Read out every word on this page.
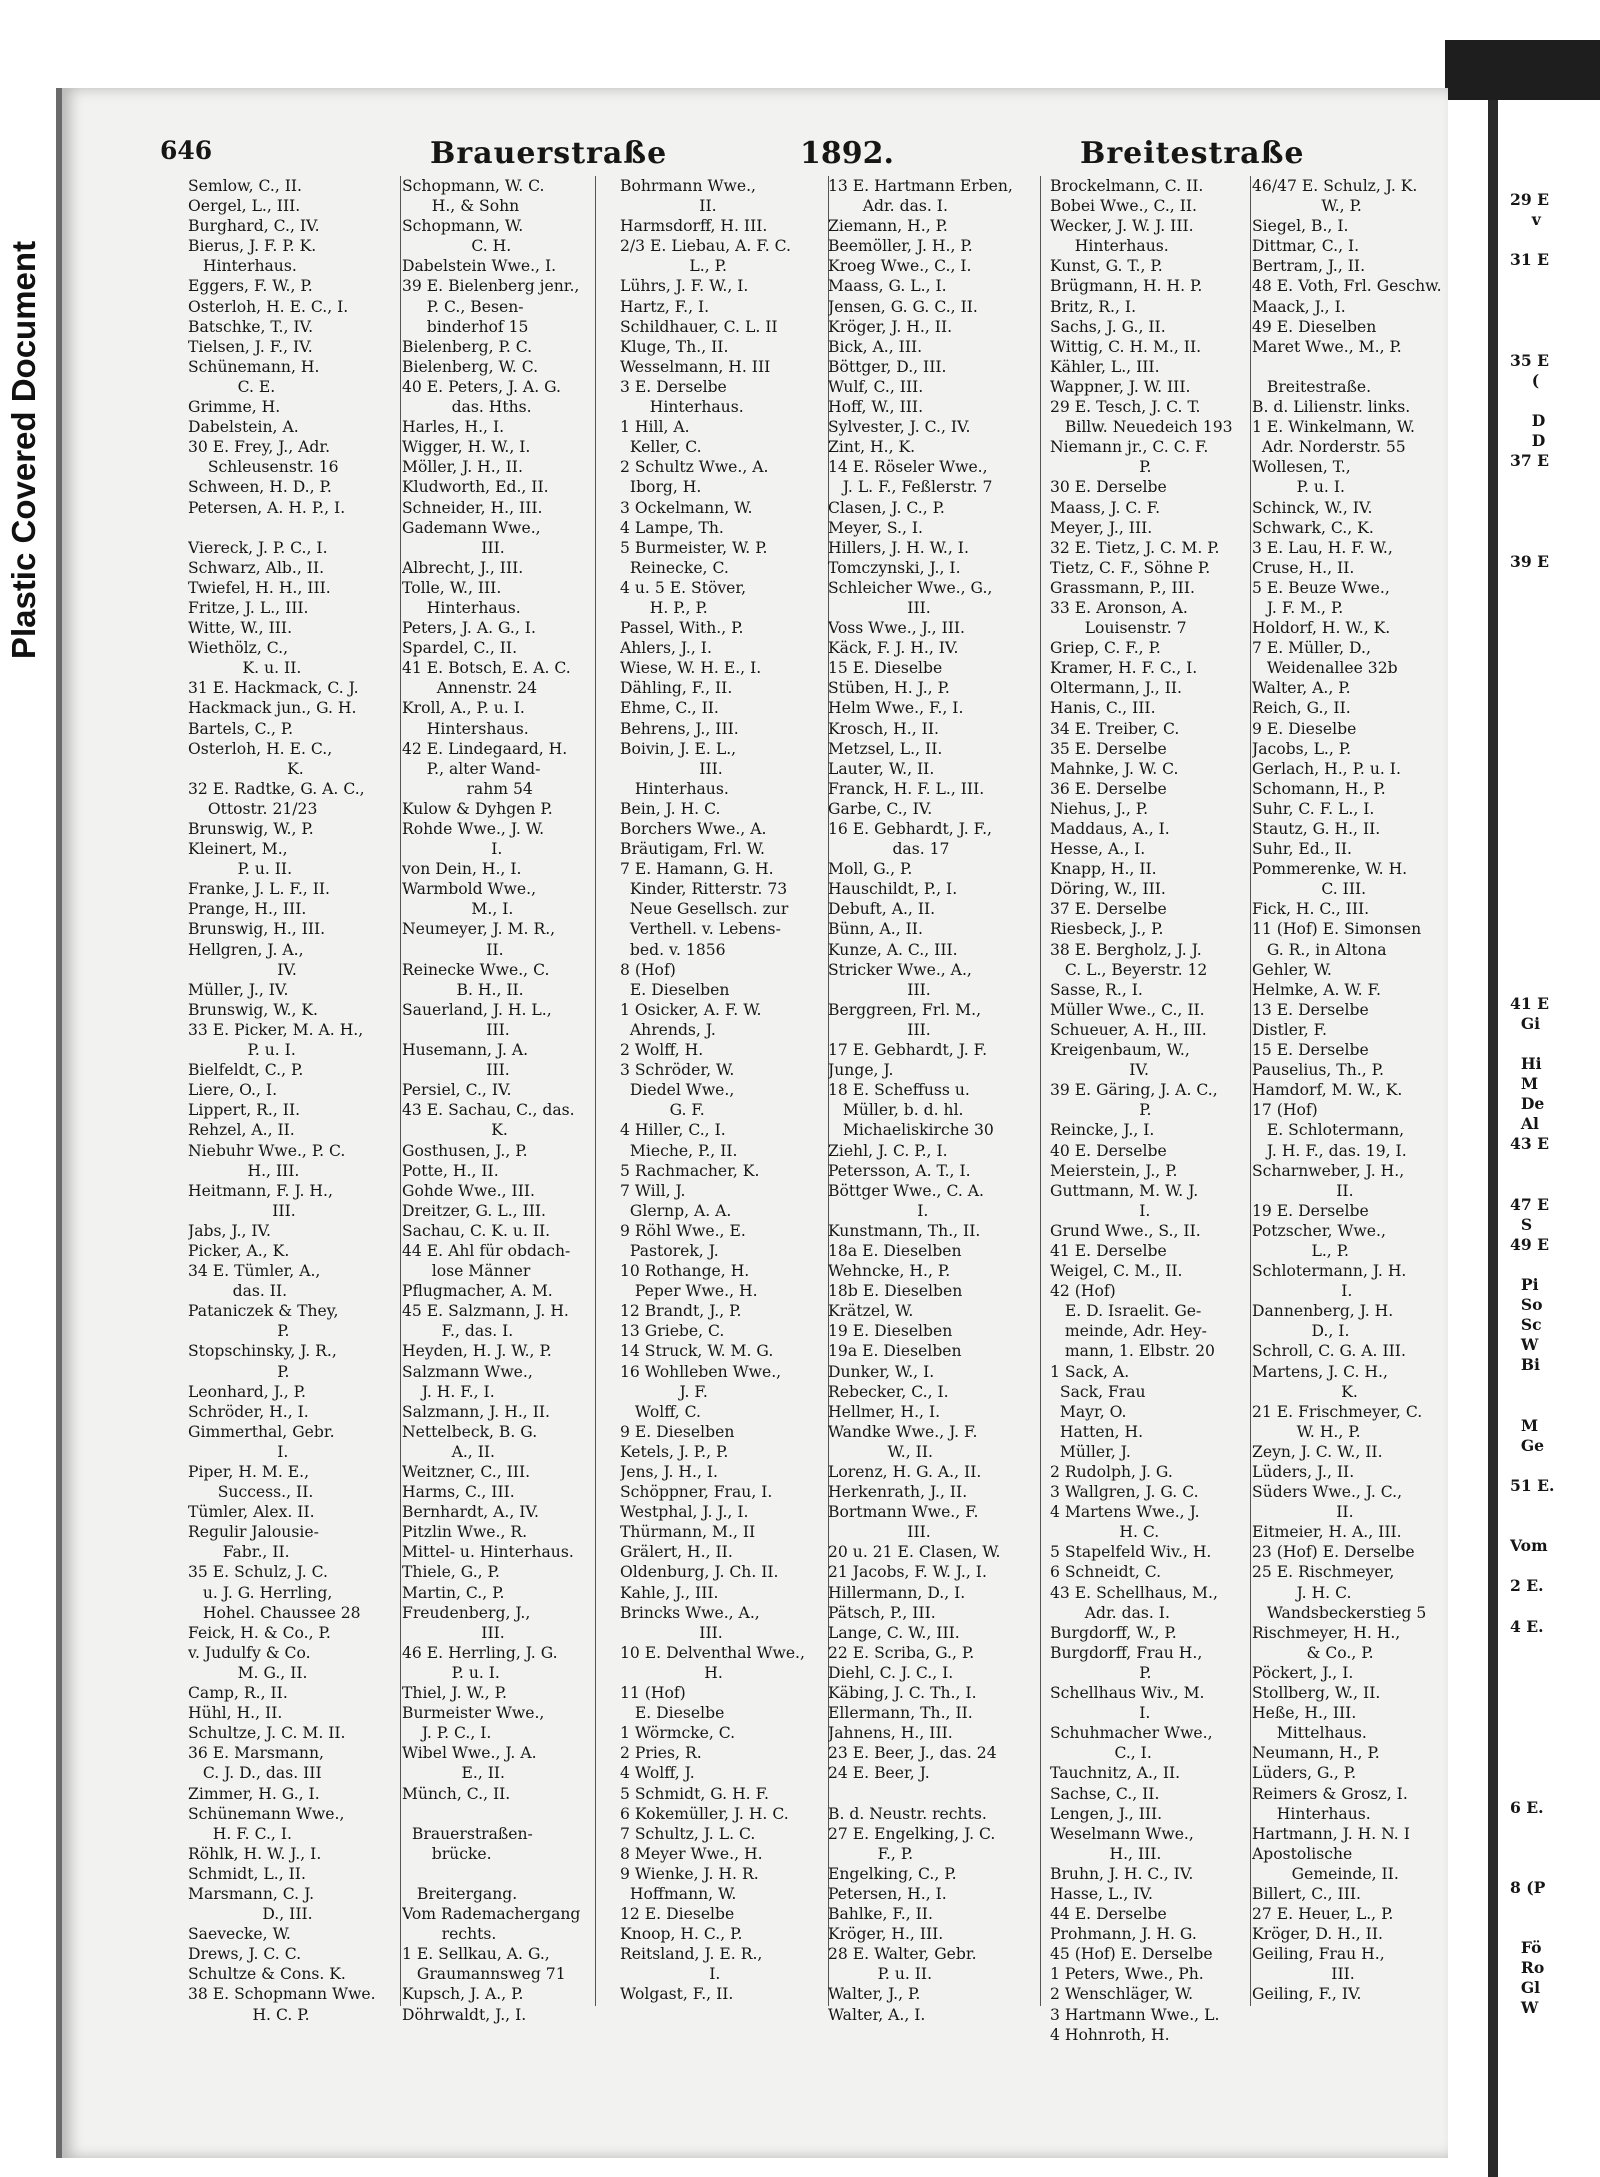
Plastic Covered Document
646	Brauerstraße	1892.	Breitestraße
Semlow, C., II.
Oergel, L., III.
Burghard, C., IV.
Bierus, J. F. P. K.
Hinterhaus.
Eggers, F. W., P.
Osterloh, H. E. C., I.
Batschke, T., IV.
Tielsen, J. F., IV.
Schünemann, H.
C. E.
Grimme, H.
Dabelstein, A.
30 E. Frey, J., Adr.
Schleusenstr. 16
Schween, H. D., P.
Petersen, A. H. P., I.
Viereck, J. P. C., I.
Schwarz, Alb., II.
Twiefel, H. H., III.
Fritze, J. L., III.
Witte, W., III.
Wiethölz, C.,
K. u. II.
31 E. Hackmack, C. J.
Hackmack jun., G. H.
Bartels, C., P.
Osterloh, H. E. C.,
K.
32 E. Radtke, G. A. C.,
Ottostr. 21/23
Brunswig, W., P.
Kleinert, M.,
P. u. II.
Franke, J. L. F., II.
Prange, H., III.
Brunswig, H., III.
Hellgren, J. A.,
IV.
Müller, J., IV.
Brunswig, W., K.
33 E. Picker, M. A. H.,
P. u. I.
Bielfeldt, C., P.
Liere, O., I.
Lippert, R., II.
Rehzel, A., II.
Niebuhr Wwe., P. C.
H., III.
Heitmann, F. J. H.,
III.
Jabs, J., IV.
Picker, A., K.
34 E. Tümler, A.,
das. II.
Pataniczek & They,
P.
Stopschinsky, J. R.,
P.
Leonhard, J., P.
Schröder, H., I.
Gimmerthal, Gebr.
I.
Piper, H. M. E.,
Success., II.
Tümler, Alex. II.
Regulir Jalousie-
Fabr., II.
35 E. Schulz, J. C.
u. J. G. Herrling,
Hohel. Chaussee 28
Feick, H. & Co., P.
v. Judulfy & Co.
M. G., II.
Camp, R., II.
Hühl, H., II.
Schultze, J. C. M. II.
36 E. Marsmann,
C. J. D., das. III
Zimmer, H. G., I.
Schünemann Wwe.,
H. F. C., I.
Röhlk, H. W. J., I.
Schmidt, L., II.
Marsmann, C. J.
D., III.
Saevecke, W.
Drews, J. C. C.
Schultze & Cons. K.
38 E. Schopmann Wwe.
H. C. P.
Schopmann, W. C.
H., & Sohn
Schopmann, W.
C. H.
Dabelstein Wwe., I.
39 E. Bielenberg jenr.,
P. C., Besen-
binderhof 15
Bielenberg, P. C.
Bielenberg, W. C.
40 E. Peters, J. A. G.
das. Hths.
Harles, H., I.
Wigger, H. W., I.
Möller, J. H., II.
Kludworth, Ed., II.
Schneider, H., III.
Gademann Wwe.,
III.
Albrecht, J., III.
Tolle, W., III.
Hinterhaus.
Peters, J. A. G., I.
Spardel, C., II.
41 E. Botsch, E. A. C.
Annenstr. 24
Kroll, A., P. u. I.
Hintershaus.
42 E. Lindegaard, H.
P., alter Wand-
rahm 54
Kulow & Dyhgen P.
Rohde Wwe., J. W.
I.
von Dein, H., I.
Warmbold Wwe.,
M., I.
Neumeyer, J. M. R.,
II.
Reinecke Wwe., C.
B. H., II.
Sauerland, J. H. L.,
III.
Husemann, J. A.
III.
Persiel, C., IV.
43 E. Sachau, C., das.
K.
Gosthusen, J., P.
Potte, H., II.
Gohde Wwe., III.
Dreitzer, G. L., III.
Sachau, C. K. u. II.
44 E. Ahl für obdach-
lose Männer
Pflugmacher, A. M.
45 E. Salzmann, J. H.
F., das. I.
Heyden, H. J. W., P.
Salzmann Wwe.,
J. H. F., I.
Salzmann, J. H., II.
Nettelbeck, B. G.
A., II.
Weitzner, C., III.
Harms, C., III.
Bernhardt, A., IV.
Pitzlin Wwe., R.
Mittel- u. Hinterhaus.
Thiele, G., P.
Martin, C., P.
Freudenberg, J.,
III.
46 E. Herrling, J. G.
P. u. I.
Thiel, J. W., P.
Burmeister Wwe.,
J. P. C., I.
Wibel Wwe., J. A.
E., II.
Münch, C., II.
Brauerstraßen-
brücke.
Breitergang.
Vom Rademachergang
rechts.
1 E. Sellkau, A. G.,
Graumannsweg 71
Kupsch, J. A., P.
Döhrwaldt, J., I.
Bohrmann Wwe.,
II.
Harmsdorff, H. III.
2/3 E. Liebau, A. F. C.
L., P.
Lührs, J. F. W., I.
Hartz, F., I.
Schildhauer, C. L. II
Kluge, Th., II.
Wesselmann, H. III
3 E. Derselbe
Hinterhaus.
1 Hill, A.
Keller, C.
2 Schultz Wwe., A.
Iborg, H.
3 Ockelmann, W.
4 Lampe, Th.
5 Burmeister, W. P.
Reinecke, C.
4 u. 5 E. Stöver,
H. P., P.
Passel, With., P.
Ahlers, J., I.
Wiese, W. H. E., I.
Dähling, F., II.
Ehme, C., II.
Behrens, J., III.
Boivin, J. E. L.,
III.
Hinterhaus.
Bein, J. H. C.
Borchers Wwe., A.
Bräutigam, Frl. W.
7 E. Hamann, G. H.
Kinder, Ritterstr. 73
Neue Gesellsch. zur
Verthell. v. Lebens-
bed. v. 1856
8 (Hof)
E. Dieselben
1 Osicker, A. F. W.
Ahrends, J.
2 Wolff, H.
3 Schröder, W.
Diedel Wwe.,
G. F.
4 Hiller, C., I.
Mieche, P., II.
5 Rachmacher, K.
7 Will, J.
Glernp, A. A.
9 Röhl Wwe., E.
Pastorek, J.
10 Rothange, H.
Peper Wwe., H.
12 Brandt, J., P.
13 Griebe, C.
14 Struck, W. M. G.
16 Wohlleben Wwe.,
J. F.
Wolff, C.
9 E. Dieselben
Ketels, J. P., P.
Jens, J. H., I.
Schöppner, Frau, I.
Westphal, J. J., I.
Thürmann, M., II
Grälert, H., II.
Oldenburg, J. Ch. II.
Kahle, J., III.
Brincks Wwe., A.,
III.
10 E. Delventhal Wwe.,
H.
11 (Hof)
E. Dieselbe
1 Wörmcke, C.
2 Pries, R.
4 Wolff, J.
5 Schmidt, G. H. F.
6 Kokemüller, J. H. C.
7 Schultz, J. L. C.
8 Meyer Wwe., H.
9 Wienke, J. H. R.
Hoffmann, W.
12 E. Dieselbe
Knoop, H. C., P.
Reitsland, J. E. R.,
I.
Wolgast, F., II.
13 E. Hartmann Erben,
Adr. das. I.
Ziemann, H., P.
Beemöller, J. H., P.
Kroeg Wwe., C., I.
Maass, G. L., I.
Jensen, G. G. C., II.
Kröger, J. H., II.
Bick, A., III.
Böttger, D., III.
Wulf, C., III.
Hoff, W., III.
Sylvester, J. C., IV.
Zint, H., K.
14 E. Röseler Wwe.,
J. L. F., Feßlerstr. 7
Clasen, J. C., P.
Meyer, S., I.
Hillers, J. H. W., I.
Tomczynski, J., I.
Schleicher Wwe., G.,
III.
Voss Wwe., J., III.
Käck, F. J. H., IV.
15 E. Dieselbe
Stüben, H. J., P.
Helm Wwe., F., I.
Krosch, H., II.
Metzsel, L., II.
Lauter, W., II.
Franck, H. F. L., III.
Garbe, C., IV.
16 E. Gebhardt, J. F.,
das. 17
Moll, G., P.
Hauschildt, P., I.
Debuft, A., II.
Bünn, A., II.
Kunze, A. C., III.
Stricker Wwe., A.,
III.
Berggreen, Frl. M.,
III.
17 E. Gebhardt, J. F.
Junge, J.
18 E. Scheffuss u.
Müller, b. d. hl.
Michaeliskirche 30
Ziehl, J. C. P., I.
Petersson, A. T., I.
Böttger Wwe., C. A.
I.
Kunstmann, Th., II.
18a E. Dieselben
Wehncke, H., P.
18b E. Dieselben
Krätzel, W.
19 E. Dieselben
19a E. Dieselben
Dunker, W., I.
Rebecker, C., I.
Hellmer, H., I.
Wandke Wwe., J. F.
W., II.
Lorenz, H. G. A., II.
Herkenrath, J., II.
Bortmann Wwe., F.
III.
20 u. 21 E. Clasen, W.
21 Jacobs, F. W. J., I.
Hillermann, D., I.
Pätsch, P., III.
Lange, C. W., III.
22 E. Scriba, G., P.
Diehl, C. J. C., I.
Käbing, J. C. Th., I.
Ellermann, Th., II.
Jahnens, H., III.
23 E. Beer, J., das. 24
24 E. Beer, J.
B. d. Neustr. rechts.
27 E. Engelking, J. C.
F., P.
Engelking, C., P.
Petersen, H., I.
Bahlke, F., II.
Kröger, H., III.
28 E. Walter, Gebr.
P. u. II.
Walter, J., P.
Walter, A., I.
Brockelmann, C. II.
Bobei Wwe., C., II.
Wecker, J. W. J. III.
Hinterhaus.
Kunst, G. T., P.
Brügmann, H. H. P.
Britz, R., I.
Sachs, J. G., II.
Wittig, C. H. M., II.
Kähler, L., III.
Wappner, J. W. III.
29 E. Tesch, J. C. T.
Billw. Neuedeich 193
Niemann jr., C. C. F.
P.
30 E. Derselbe
Maass, J. C. F.
Meyer, J., III.
32 E. Tietz, J. C. M. P.
Tietz, C. F., Söhne P.
Grassmann, P., III.
33 E. Aronson, A.
Louisenstr. 7
Griep, C. F., P.
Kramer, H. F. C., I.
Oltermann, J., II.
Hanis, C., III.
34 E. Treiber, C.
35 E. Derselbe
Mahnke, J. W. C.
36 E. Derselbe
Niehus, J., P.
Maddaus, A., I.
Hesse, A., I.
Knapp, H., II.
Döring, W., III.
37 E. Derselbe
Riesbeck, J., P.
38 E. Bergholz, J. J.
C. L., Beyerstr. 12
Sasse, R., I.
Müller Wwe., C., II.
Schueuer, A. H., III.
Kreigenbaum, W.,
IV.
39 E. Gäring, J. A. C.,
P.
Reincke, J., I.
40 E. Derselbe
Meierstein, J., P.
Guttmann, M. W. J.
I.
Grund Wwe., S., II.
41 E. Derselbe
Weigel, C. M., II.
42 (Hof)
E. D. Israelit. Ge-
meinde, Adr. Hey-
mann, 1. Elbstr. 20
1 Sack, A.
Sack, Frau
Mayr, O.
Hatten, H.
Müller, J.
2 Rudolph, J. G.
3 Wallgren, J. G. C.
4 Martens Wwe., J.
H. C.
5 Stapelfeld Wiv., H.
6 Schneidt, C.
43 E. Schellhaus, M.,
Adr. das. I.
Burgdorff, W., P.
Burgdorff, Frau H.,
P.
Schellhaus Wiv., M.
I.
Schuhmacher Wwe.,
C., I.
Tauchnitz, A., II.
Sachse, C., II.
Lengen, J., III.
Weselmann Wwe.,
H., III.
Bruhn, J. H. C., IV.
Hasse, L., IV.
44 E. Derselbe
Prohmann, J. H. G.
45 (Hof) E. Derselbe
1 Peters, Wwe., Ph.
2 Wenschläger, W.
3 Hartmann Wwe., L.
4 Hohnroth, H.
46/47 E. Schulz, J. K.
W., P.
Siegel, B., I.
Dittmar, C., I.
Bertram, J., II.
48 E. Voth, Frl. Geschw.
Maack, J., I.
49 E. Dieselben
Maret Wwe., M., P.
Breitestraße.
B. d. Lilienstr. links.
1 E. Winkelmann, W.
Adr. Norderstr. 55
Wollesen, T.,
P. u. I.
Schinck, W., IV.
Schwark, C., K.
3 E. Lau, H. F. W.,
Cruse, H., II.
5 E. Beuze Wwe.,
J. F. M., P.
Holdorf, H. W., K.
7 E. Müller, D.,
Weidenallee 32b
Walter, A., P.
Reich, G., II.
9 E. Dieselbe
Jacobs, L., P.
Gerlach, H., P. u. I.
Schomann, H., P.
Suhr, C. F. L., I.
Stautz, G. H., II.
Suhr, Ed., II.
Pommerenke, W. H.
C. III.
Fick, H. C., III.
11 (Hof) E. Simonsen
G. R., in Altona
Gehler, W.
Helmke, A. W. F.
13 E. Derselbe
Distler, F.
15 E. Derselbe
Pauselius, Th., P.
Hamdorf, M. W., K.
17 (Hof)
E. Schlotermann,
J. H. F., das. 19, I.
Scharnweber, J. H.,
II.
19 E. Derselbe
Potzscher, Wwe.,
L., P.
Schlotermann, J. H.
I.
Dannenberg, J. H.
D., I.
Schroll, C. G. A. III.
Martens, J. C. H.,
K.
21 E. Frischmeyer, C.
W. H., P.
Zeyn, J. C. W., II.
Lüders, J., II.
Süders Wwe., J. C.,
II.
Eitmeier, H. A., III.
23 (Hof) E. Derselbe
25 E. Rischmeyer,
J. H. C.
Wandsbeckerstieg 5
Rischmeyer, H. H.,
& Co., P.
Pöckert, J., I.
Stollberg, W., II.
Heße, H., III.
Mittelhaus.
Neumann, H., P.
Lüders, G., P.
Reimers & Grosz, I.
Hinterhaus.
Hartmann, J. H. N. I
Apostolische
Gemeinde, II.
Billert, C., III.
27 E. Heuer, L., P.
Kröger, D. H., II.
Geiling, Frau H.,
III.
Geiling, F., IV.
29 E
v
31 E
35 E
(
D
D
37 E
39 E
41 E
Gi
Hi
M
De
Al
43 E
47 E
S
49 E
Pi
So
Sc
W
Bi
M
Ge
51 E.
Vom
2 E.
4 E.
6 E.
8 (P
Fö
Ro
Gl
W
